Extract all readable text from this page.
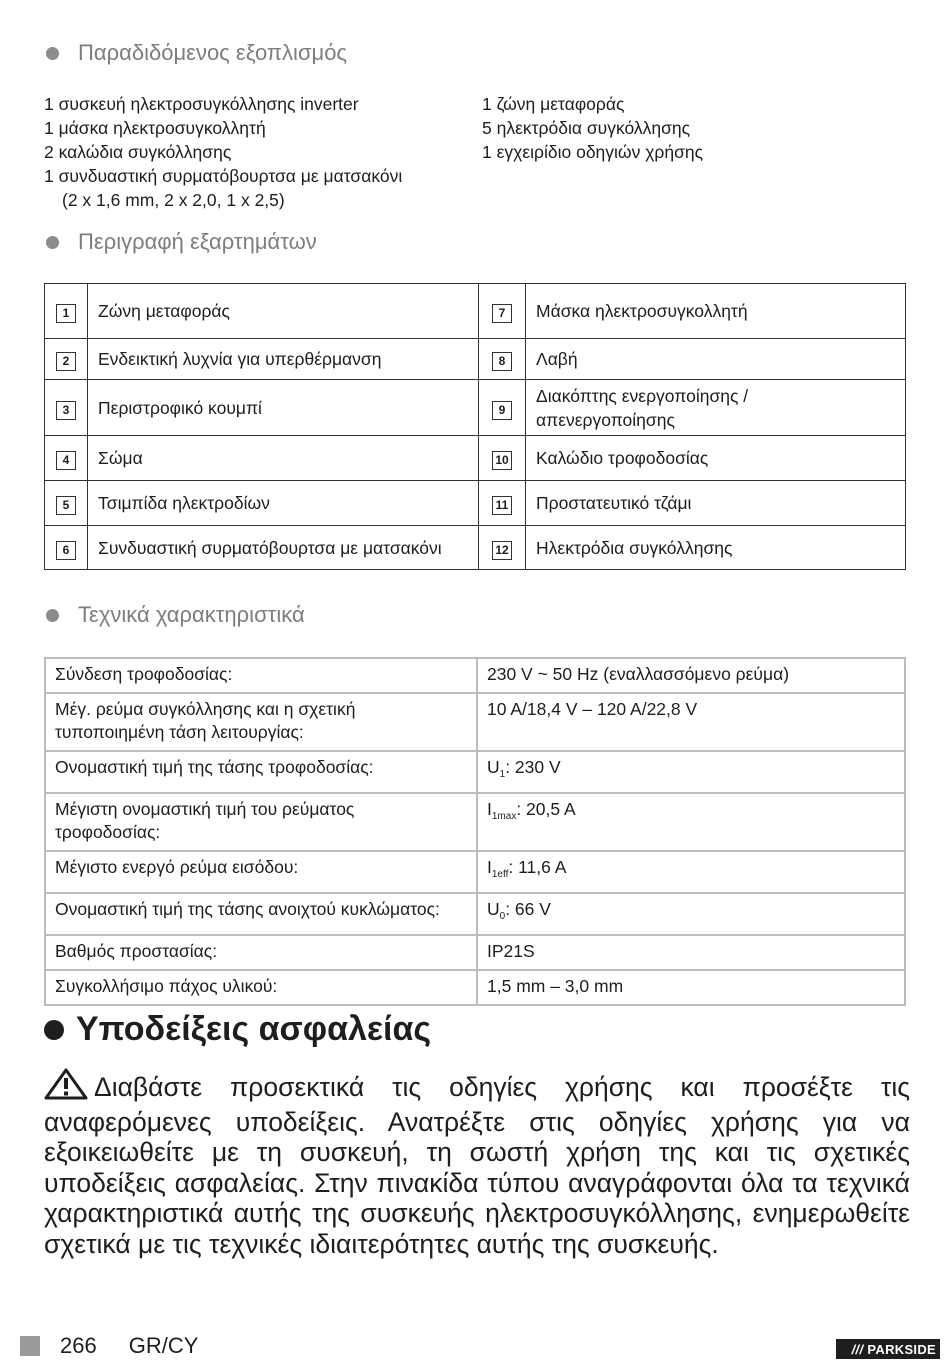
Παραδιδόμενος εξοπλισμός
1 συσκευή ηλεκτροσυγκόλλησης inverter
1 μάσκα ηλεκτροσυγκολλητή
2 καλώδια συγκόλλησης
1 συνδυαστική συρματόβουρτσα με ματσακόνι
(2 x 1,6 mm, 2 x 2,0, 1 x 2,5)
1 ζώνη μεταφοράς
5 ηλεκτρόδια συγκόλλησης
1 εγχειρίδιο οδηγιών χρήσης
Περιγραφή εξαρτημάτων
1	Ζώνη μεταφοράς	7	Μάσκα ηλεκτροσυγκολλητή
2	Ενδεικτική λυχνία για υπερθέρμανση	8	Λαβή
3	Περιστροφικό κουμπί	9	Διακόπτης ενεργοποίησης /
απενεργοποίησης

4	Σώμα	10	Καλώδιο τροφοδοσίας
5	Τσιμπίδα ηλεκτροδίων	11	Προστατευτικό τζάμι
6	Συνδυαστική συρματόβουρτσα με ματσακόνι	12	Ηλεκτρόδια συγκόλλησης
Τεχνικά χαρακτηριστικά
Σύνδεση τροφοδοσίας:	230 V ~ 50 Hz (εναλλασσόμενο ρεύμα)

Μέγ. ρεύμα συγκόλλησης και η σχετική
τυποποιημένη τάση λειτουργίας:	10 A/18,4 V – 120 A/22,8 V
Ονομαστική τιμή της τάσης τροφοδοσίας:	$U_1$: 230 V

Μέγιστη ονομαστική τιμή του ρεύματος
τροφοδοσίας:	$I_{1max}$: 20,5 A
Μέγιστο ενεργό ρεύμα εισόδου:	$I_{1eff}$: 11,6 A
Ονομαστική τιμή της τάσης ανοιχτού κυκλώματος:	$U_0$: 66 V
Βαθμός προστασίας:	IP21S
Συγκολλήσιμο πάχος υλικού:	1,5 mm – 3,0 mm
Υποδείξεις ασφαλείας
Διαβάστε προσεκτικά τις οδηγίες χρήσης και προσέξτε τις αναφερόμενες υποδείξεις. Ανατρέξτε στις οδηγίες χρήσης για να εξοικειωθείτε με τη συσκευή, τη σωστή χρήση της και τις σχετικές υποδείξεις ασφαλείας. Στην πινακίδα τύπου αναγράφονται όλα τα τεχνικά χαρακτηριστικά αυτής της συσκευής ηλεκτροσυγκόλλησης, ενημερωθείτε σχετικά με τις τεχνικές ιδιαιτερότητες αυτής της συσκευής.
266 GR/CY	/// PARKSIDE
